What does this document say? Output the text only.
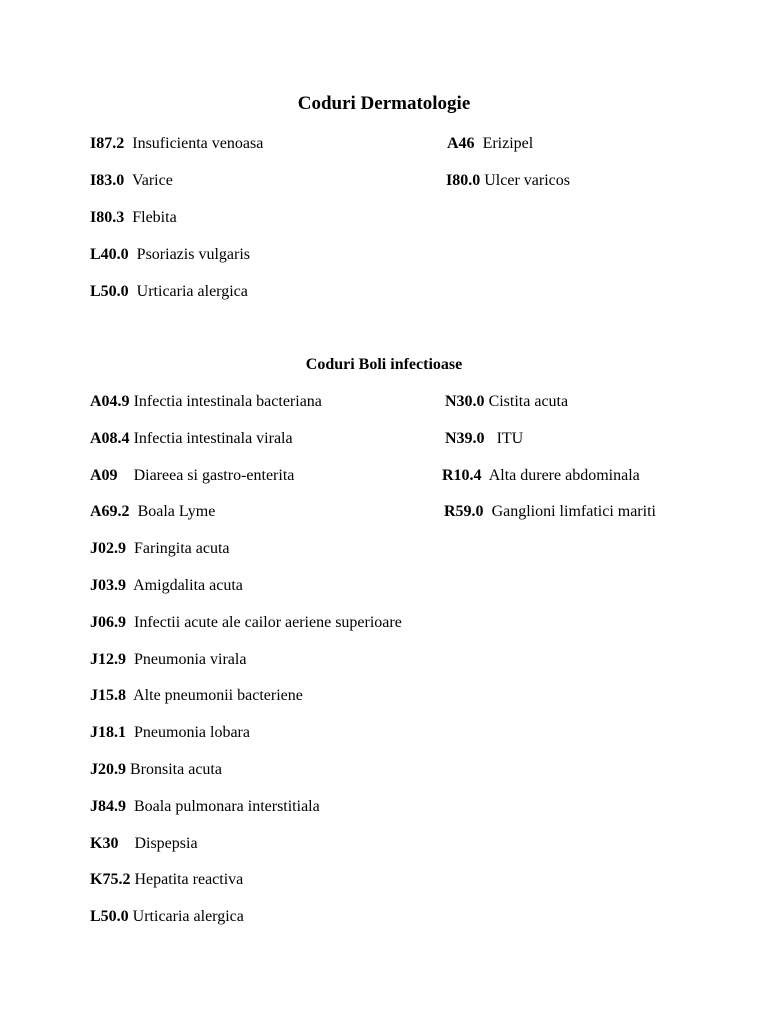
Coduri Dermatologie
Coduri Boli infectioase
I87.2 Insuficienta venoasa
I83.0 Varice
I80.3 Flebita
L40.0 Psoriazis vulgaris
L50.0 Urticaria alergica
A46 Erizipel
I80.0 Ulcer varicos
A04.9 Infectia intestinala bacteriana
A08.4 Infectia intestinala virala
A09 Diareea si gastro-enterita
A69.2 Boala Lyme
J02.9 Faringita acuta
J03.9 Amigdalita acuta
J06.9 Infectii acute ale cailor aeriene superioare
J12.9 Pneumonia virala
J15.8 Alte pneumonii bacteriene
J18.1 Pneumonia lobara
J20.9 Bronsita acuta
J84.9 Boala pulmonara interstitiala
K30 Dispepsia
K75.2 Hepatita reactiva
L50.0 Urticaria alergica
N30.0 Cistita acuta
N39.0 ITU
R10.4 Alta durere abdominala
R59.0 Ganglioni limfatici mariti
